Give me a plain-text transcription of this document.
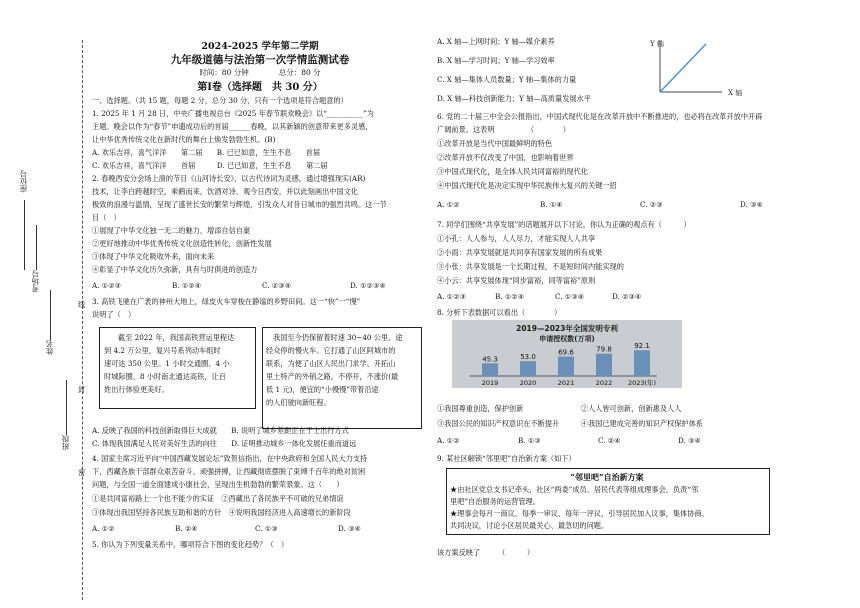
座位号
考场号
姓名
班级
线
封
密
2024-2025 学年第二学期
九年级道德与法治第一次学情监测试卷
时间：80 分钟　　　　总分：80 分
第Ⅰ卷（选择题　共 30 分）
一、选择题。（共 15 题，每题 2 分，总分 30 分，只有一个选项是符合题意的）
1. 2025 年 1 月 28 日，中央广播电视总台《2025 年春节联欢晚会》以“__________”为
主题。晚会以作为“春节”申遗成功后的首届______春晚，以其新颖的创意带来更多灵感，
让中华优秀传统文化在新时代的舞台上焕发勃勃生机。(B)
A. 欢乐吉祥，喜气洋洋　　第二届　　B. 已已如意，生生不息　　首届
C. 欢乐吉祥，喜气洋洋　　首届　　　D. 已已如意，生生不息　　第二届
2. 春晚西安分会场上演的节目《山河诗长安》，以古代诗词为灵感，通过增强现实(AR)
技术，让李白跨越时空，乘鹤而来，饮酒对诗、观今日西安，并以此刻画出中国文化
极致的浪漫与温情，呈现了盛世长安的繁荣与辉煌，引发众人对昔日城市的强烈共鸣。这一节
目（　）
①展现了中华文化独一无二的魅力，增添自信自豪
②更好地推动中华优秀传统文化创造性转化，创新性发展
③体现了中华文化吸收外来，面向未来
④彰显了中华文化历久弥新，具有与时俱进的创造力
A. ①②③	B. ①②④	C. ②③④	D. ①②③④
3. 高铁飞驰在广袤的神州大地上，绿皮火车穿梭在静谧的乡野田间。这一“快”一“慢”
说明了（　）
截至 2022 年，我国高铁营运里程达
到 4.2 万公里，复兴号系列动车组时
速可达 350 公里。1 小时交通圈、4 小
时城际圈、8 小时南北通达高铁，让百
姓出行体验更美好。
我国至今仍保留着时速 30~40 公里、途
经众停的慢火车。它打通了山区阿城市的
联系，为便了山区人民出门求学、开拓山
里土特产的外销之路。不停开，不涨价(最
低 1 元)，便宜的“小慢慢”带着沿途
的人们驶向新旺程。
A. 反映了我国的科技创新取得巨大成就　　B. 说明了城乡差距正在于士出行方式
C. 体现我国满足人民对美好生活的向往　　D. 证明推动城乡一体化发展任重而道远
4. 国家主席习近平向“中国西藏发展论坛”致贺信指出，在中央政府和全国人民大力支持
下，西藏各族干部群众艰苦奋斗、顽强拼搏，让西藏彻底摆脱了束缚千百年的绝对贫困
问题，与全国一道全面建成小康社会，呈现出生机勃勃的繁荣景象。这（　　）
①是共同富裕路上一个也不能少的实证　②西藏出了各民族平不可破的兄弟情谊
③体现出我国坚持各民族互助和谐的方针　④说明我国经济进入高速增长的新阶段
A. ①②	B. ②④	C. ①③	D. ③④
5. 你认为下列变量关系中，哪项符合下图的变化趋势？（　）
A. X 轴—上网时间；Y 轴—媒介素养
B. X 轴—学习时间；Y 轴—学习效率
C. X 轴—集体人员数量；Y 轴—集体的力量
D. X 轴—科技创新能力；Y 轴—高质量发展水平
Y 轴
X 轴
6. 党的二十届三中全会公报指出，中国式现代化是在改革开放中不断推进的，也必将在改革开放中开辟
广阔前景。这表明　　　　　（　　　　）
①改革开放是当代中国最鲜明的特色
②改革开放不仅改变了中国，也影响着世界
③中国式现代化，是全体人民共同富裕的现代化
④中国式现代化是决定实现中华民族伟大复兴的关键一招
A. ①②	B. ①④	C. ②③	D. ③④
7. 同学们围绕“共享发展”的话题展开以下讨论，你认为正确的观点有（　　　）
①小孔：人人参与，人人尽力，才能实现人人共享
②小雨：共享发展就是共同享有国家发展的所有成果
③小张：共享发展是一个长期过程，不是短时间内能实现的
④小云：共享发展体现“同步富裕，同等富裕”原则
A. ①②③	B. ①②④	C. ①③④	D. ②③④
8. 分析下表数据可以看出（　　　　）
2019—2023年全国发明专利
申请授权数(万项)
45.3
2019
53.0
2020
69.6
2021
79.8
2022
92.1
2023(年)
①我国尊重创造，保护创新　　　　　　　　②人人皆可创新，创新惠及人人
③我国公民的知识产权意识在不断提升　　　④我国已建成完善的知识产权保护体系
A. ①②	B. ①③	C. ②④	D. ③④
9. 某社区解锁“邻里吧”自治新方案（如下）
“邻里吧”自治新方案
★由社区党总支书记牵头，社区“两委”成员、居民代表等组成理事会，负责“邻
里吧”自治服务的运营管理。
★理事会每月一商议、每季一审议、每年一评议，引导居民加入议事，集体协商、
共同决议，讨论小区居民最关心、最急切的问题。
该方案反映了　　　（　　　）
